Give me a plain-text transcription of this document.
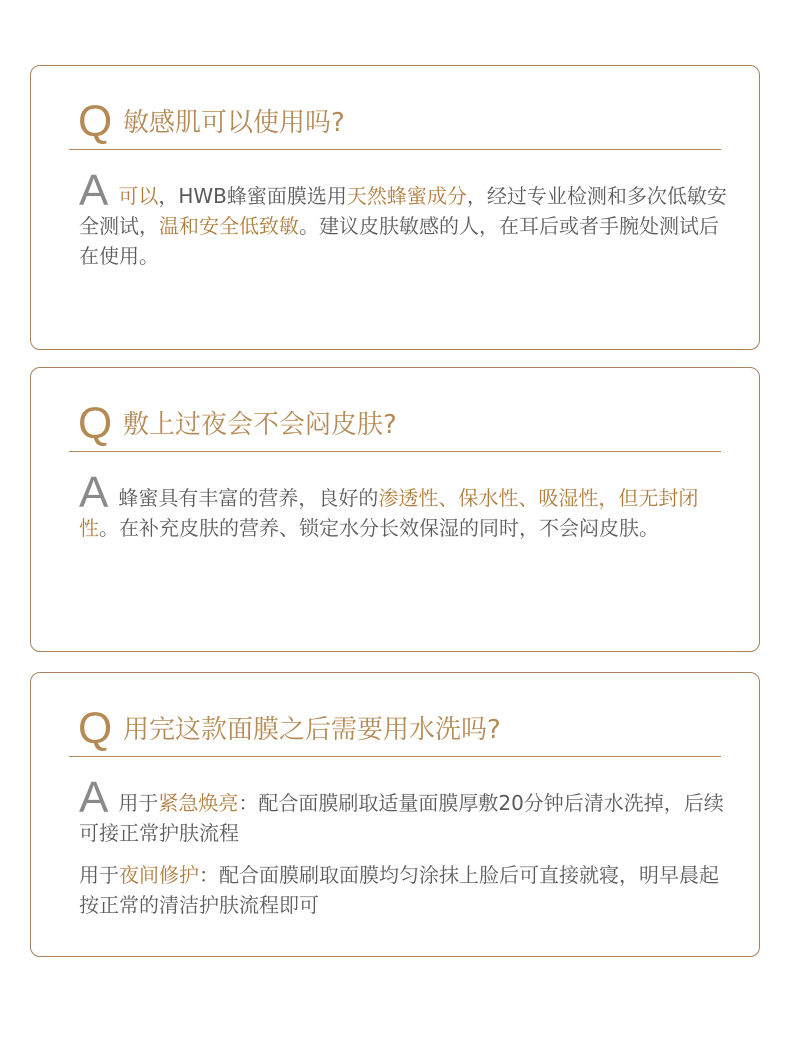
Q 敏感肌可以使用吗?
A可以，HWB蜂蜜面膜选用天然蜂蜜成分，经过专业检测和多次低敏安全测试，温和安全低致敏。建议皮肤敏感的人，在耳后或者手腕处测试后在使用。
Q 敷上过夜会不会闷皮肤?
A蜂蜜具有丰富的营养，良好的渗透性、保水性、吸湿性，但无封闭性。在补充皮肤的营养、锁定水分长效保湿的同时，不会闷皮肤。
Q 用完这款面膜之后需要用水洗吗?
A用于紧急焕亮：配合面膜刷取适量面膜厚敷20分钟后清水洗掉，后续可接正常护肤流程
用于夜间修护：配合面膜刷取面膜均匀涂抹上脸后可直接就寝，明早晨起按正常的清洁护肤流程即可
